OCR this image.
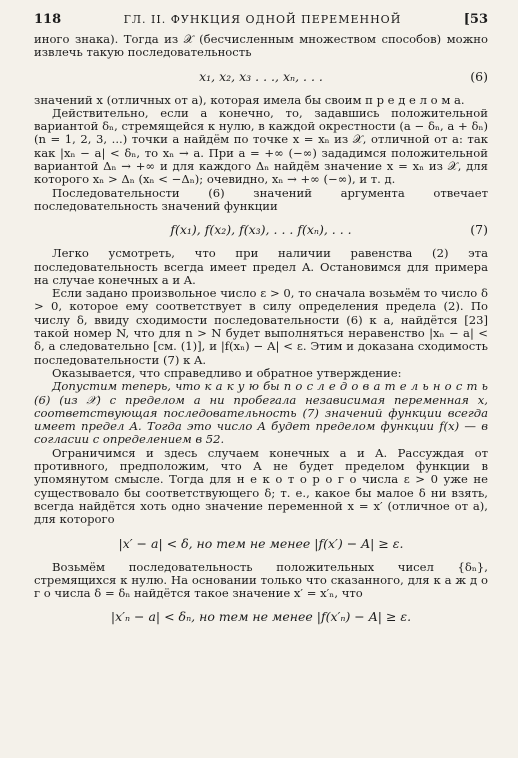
118	ГЛ. II. ФУНКЦИЯ ОДНОЙ ПЕРЕМЕННОЙ	[53

иного знака). Тогда из 𝒳 (бесчисленным множеством способов) можно извлечь такую последовательность

x₁, x₂, x₃ . . ., xₙ, . . .	(6)

значений x (отличных от a), которая имела бы своим п р е д е л о м a.

Действительно, если a конечно, то, задавшись положительной вариантой δₙ, стремящейся к нулю, в каждой окрестности (a − δₙ, a + δₙ) (n = 1, 2, 3, ...) точки a найдём по точке x = xₙ из 𝒳, отличной от a: так как |xₙ − a| < δₙ, то xₙ → a. При a = +∞ (−∞) зададимся положительной вариантой Δₙ → +∞ и для каждого Δₙ найдём значение x = xₙ из 𝒳, для которого xₙ > Δₙ (xₙ < −Δₙ); очевидно, xₙ → +∞ (−∞), и т. д.

Последовательности (6) значений аргумента отвечает последовательность значений функции

f(x₁), f(x₂), f(x₃), . . . f(xₙ), . . .	(7)

Легко усмотреть, что при наличии равенства (2) эта последовательность всегда имеет предел A. Остановимся для примера на случае конечных a и A.

Если задано произвольное число ε > 0, то сначала возьмём то число δ > 0, которое ему соответствует в силу определения предела (2). По числу δ, ввиду сходимости последовательности (6) к a, найдётся [23] такой номер N, что для n > N будет выполняться неравенство |xₙ − a| < δ, а следовательно [см. (1)], и |f(xₙ) − A| < ε. Этим и доказана сходимость последовательности (7) к A.

Оказывается, что справедливо и обратное утверждение:

Допустим теперь, что к а к у ю бы п о с л е д о в а т е л ь н о с т ь (6) (из 𝒳) с пределом a ни пробегала независимая переменная x, соответствующая последовательность (7) значений функции всегда имеет предел A. Тогда это число A будет пределом функции f(x) — в согласии с определением в 52.

Ограничимся и здесь случаем конечных a и A. Рассуждая от противного, предположим, что A не будет пределом функции в упомянутом смысле. Тогда для н е к о т о р о г о числа ε > 0 уже не существовало бы соответствующего δ; т. е., какое бы малое δ ни взять, всегда найдётся хоть одно значение переменной x = x′ (отличное от a), для которого

|x′ − a| < δ, но тем не менее |f(x′) − A| ≥ ε.

Возьмём последовательность положительных чисел {δₙ}, стремящихся к нулю. На основании только что сказанного, для к а ж д о г о числа δ = δₙ найдётся такое значение x′ = x′ₙ, что

|x′ₙ − a| < δₙ, но тем не менее |f(x′ₙ) − A| ≥ ε.
